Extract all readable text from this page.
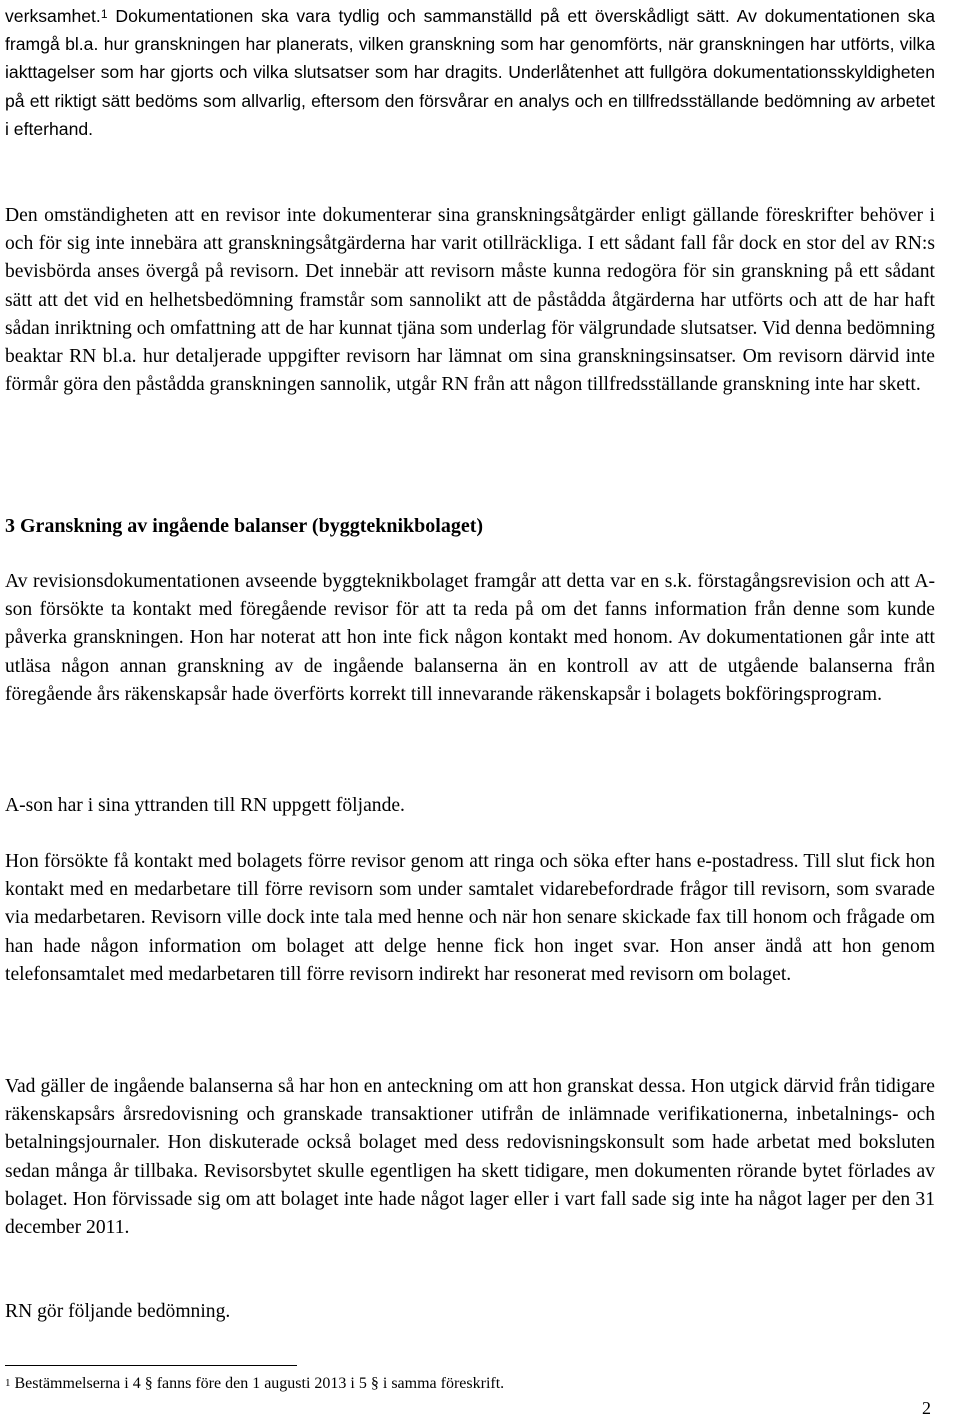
verksamhet.$^1$ Dokumentationen ska vara tydlig och sammanställd på ett överskådligt sätt. Av dokumentationen ska framgå bl.a. hur granskningen har planerats, vilken granskning som har genomförts, när granskningen har utförts, vilka iakttagelser som har gjorts och vilka slutsatser som har dragits. Underlåtenhet att fullgöra dokumentationsskyldigheten på ett riktigt sätt bedöms som allvarlig, eftersom den försvårar en analys och en tillfredsställande bedömning av arbetet i efterhand.

Den omständigheten att en revisor inte dokumenterar sina granskningsåtgärder enligt gällande föreskrifter behöver i och för sig inte innebära att granskningsåtgärderna har varit otillräckliga. I ett sådant fall får dock en stor del av RN:s bevisbörda anses övergå på revisorn. Det innebär att revisorn måste kunna redogöra för sin granskning på ett sådant sätt att det vid en helhetsbedömning framstår som sannolikt att de påstådda åtgärderna har utförts och att de har haft sådan inriktning och omfattning att de har kunnat tjäna som underlag för välgrundade slutsatser. Vid denna bedömning beaktar RN bl.a. hur detaljerade uppgifter revisorn har lämnat om sina granskningsinsatser. Om revisorn därvid inte förmår göra den påstådda granskningen sannolik, utgår RN från att någon tillfredsställande granskning inte har skett.

3 Granskning av ingående balanser (byggteknikbolaget)

Av revisionsdokumentationen avseende byggteknikbolaget framgår att detta var en s.k. förstagångsrevision och att A-son försökte ta kontakt med föregående revisor för att ta reda på om det fanns information från denne som kunde påverka granskningen. Hon har noterat att hon inte fick någon kontakt med honom. Av dokumentationen går inte att utläsa någon annan granskning av de ingående balanserna än en kontroll av att de utgående balanserna från föregående års räkenskapsår hade överförts korrekt till innevarande räkenskapsår i bolagets bokföringsprogram.

A-son har i sina yttranden till RN uppgett följande.

Hon försökte få kontakt med bolagets förre revisor genom att ringa och söka efter hans e-postadress. Till slut fick hon kontakt med en medarbetare till förre revisorn som under samtalet vidarebefordrade frågor till revisorn, som svarade via medarbetaren. Revisorn ville dock inte tala med henne och när hon senare skickade fax till honom och frågade om han hade någon information om bolaget att delge henne fick hon inget svar. Hon anser ändå att hon genom telefonsamtalet med medarbetaren till förre revisorn indirekt har resonerat med revisorn om bolaget.

Vad gäller de ingående balanserna så har hon en anteckning om att hon granskat dessa. Hon utgick därvid från tidigare räkenskapsårs årsredovisning och granskade transaktioner utifrån de inlämnade verifikationerna, inbetalnings- och betalningsjournaler. Hon diskuterade också bolaget med dess redovisningskonsult som hade arbetat med boksluten sedan många år tillbaka. Revisorsbytet skulle egentligen ha skett tidigare, men dokumenten rörande bytet förlades av bolaget. Hon förvissade sig om att bolaget inte hade något lager eller i vart fall sade sig inte ha något lager per den 31 december 2011.

RN gör följande bedömning.

$^1$ Bestämmelserna i 4 § fanns före den 1 augusti 2013 i 5 § i samma föreskrift.

2
